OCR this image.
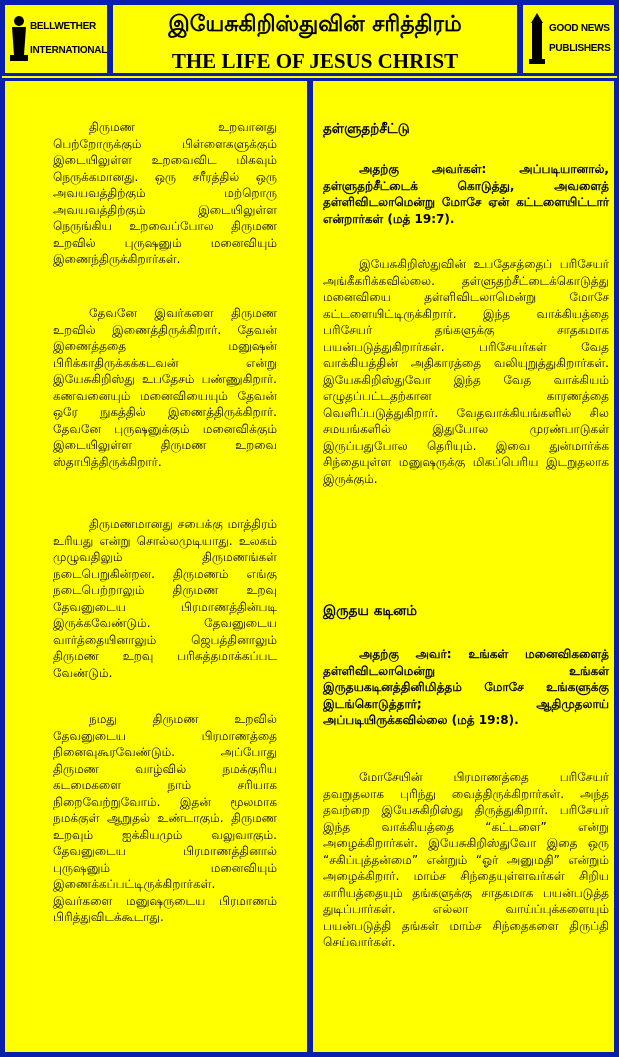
BELLWETHER
INTERNATIONAL
இயேசுகிறிஸ்துவின் சரித்திரம்
THE LIFE OF JESUS CHRIST
GOOD NEWS
PUBLISHERS

திருமண உறவானது பெற்றோருக்கும் பிள்ளைகளுக்கும் இடையிலுள்ள உறவைவிட மிகவும் நெருக்கமானது. ஒரு சரீரத்தில் ஒரு அவயவத்திற்கும் மற்றொரு அவயவத்திற்கும் இடையிலுள்ள நெருங்கிய உறவைப்போல திருமண உறவில் புருஷனும் மனைவியும் இணைந்திருக்கிறார்கள்.

தேவனே இவர்களை திருமண உறவில் இணைத்திருக்கிறார். தேவன் இணைத்ததை மனுஷன் பிரிக்காதிருக்கக்கடவன் என்று இயேசுகிறிஸ்து உபதேசம் பண்ணுகிறார். கணவனையும் மனைவியையும் தேவன் ஒரே நுகத்தில் இணைத்திருக்கிறார். தேவனே புருஷனுக்கும் மனைவிக்கும் இடையிலுள்ள திருமண உறவை ஸ்தாபித்திருக்கிறார்.

திருமணமானது சபைக்கு மாத்திரம் உரியது என்று சொல்லமுடியாது. உலகம் முழுவதிலும் திருமணங்கள் நடைபெறுகின்றன. திருமணம் எங்கு நடைபெற்றாலும் திருமண உறவு தேவனுடைய பிரமாணத்தின்படி இருக்கவேண்டும். தேவனுடைய வார்த்தையினாலும் ஜெபத்தினாலும் திருமண உறவு பரிசுத்தமாக்கப்பட வேண்டும்.

நமது திருமண உறவில் தேவனுடைய பிரமாணத்தை நினைவுகூரவேண்டும். அப்போது திருமண வாழ்வில் நமக்குரிய கடமைகளை நாம் சரியாக நிறைவேற்றுவோம். இதன் மூலமாக நமக்குள் ஆறுதல் உண்டாகும். திருமண உறவும் ஐக்கியமும் வலுவாகும். தேவனுடைய பிரமாணத்தினால் புருஷனும் மனைவியும் இணைக்கப்பட்டிருக்கிறார்கள். இவர்களை மனுஷருடைய பிரமாணம் பிரித்துவிடக்கூடாது.

தள்ளுதற்சீட்டு

அதற்கு அவர்கள்: அப்படியானால், தள்ளுதற்சீட்டைக் கொடுத்து, அவளைத் தள்ளிவிடலாமென்று மோசே ஏன் கட்டளையிட்டார் என்றார்கள் (மத் 19:7).

இயேசுகிறிஸ்துவின் உபதேசத்தைப் பரிசேயர் அங்கீகரிக்கவில்லை. தள்ளுதற்சீட்டைக்கொடுத்து மனைவியை தள்ளிவிடலாமென்று மோசே கட்டளையிட்டிருக்கிறார். இந்த வாக்கியத்தை பரிசேயர் தங்களுக்கு சாதகமாக பயன்படுத்துகிறார்கள். பரிசேயர்கள் வேத வாக்கியத்தின் அதிகாரத்தை வலியுறுத்துகிறார்கள். இயேசுகிறிஸ்துவோ இந்த வேத வாக்கியம் எழுதப்பட்டதற்கான காரணத்தை வெளிப்படுத்துகிறார். வேதவாக்கியங்களில் சில சமயங்களில் இதுபோல முரண்பாடுகள் இருப்பதுபோல தெரியும். இவை துன்மார்க்க சிந்தையுள்ள மனுஷருக்கு மிகப்பெரிய இடறுதலாக இருக்கும்.

இருதய கடினம்

அதற்கு அவர்: உங்கள் மனைவிகளைத் தள்ளிவிடலாமென்று உங்கள் இருதயகடினத்தினிமித்தம் மோசே உங்களுக்கு இடங்கொடுத்தார்; ஆதிமுதலாய் அப்படியிருக்கவில்லை (மத் 19:8).

மோசேயின் பிரமாணத்தை பரிசேயர் தவறுதலாக புரிந்து வைத்திருக்கிறார்கள். அந்த தவற்றை இயேசுகிறிஸ்து திருத்துகிறார். பரிசேயர் இந்த வாக்கியத்தை “கட்டளை” என்று அழைக்கிறார்கள். இயேசுகிறிஸ்துவோ இதை ஒரு “சகிப்புத்தன்மை” என்றும் “ஓர் அனுமதி” என்றும் அழைக்கிறார். மாம்ச சிந்தையுள்ளவர்கள் சிறிய காரியத்தையும் தங்களுக்கு சாதகமாக பயன்படுத்த துடிப்பார்கள். எல்லா வாய்ப்புக்களையும் பயன்படுத்தி தங்கள் மாம்ச சிந்தைகளை திருப்தி செய்வார்கள்.
